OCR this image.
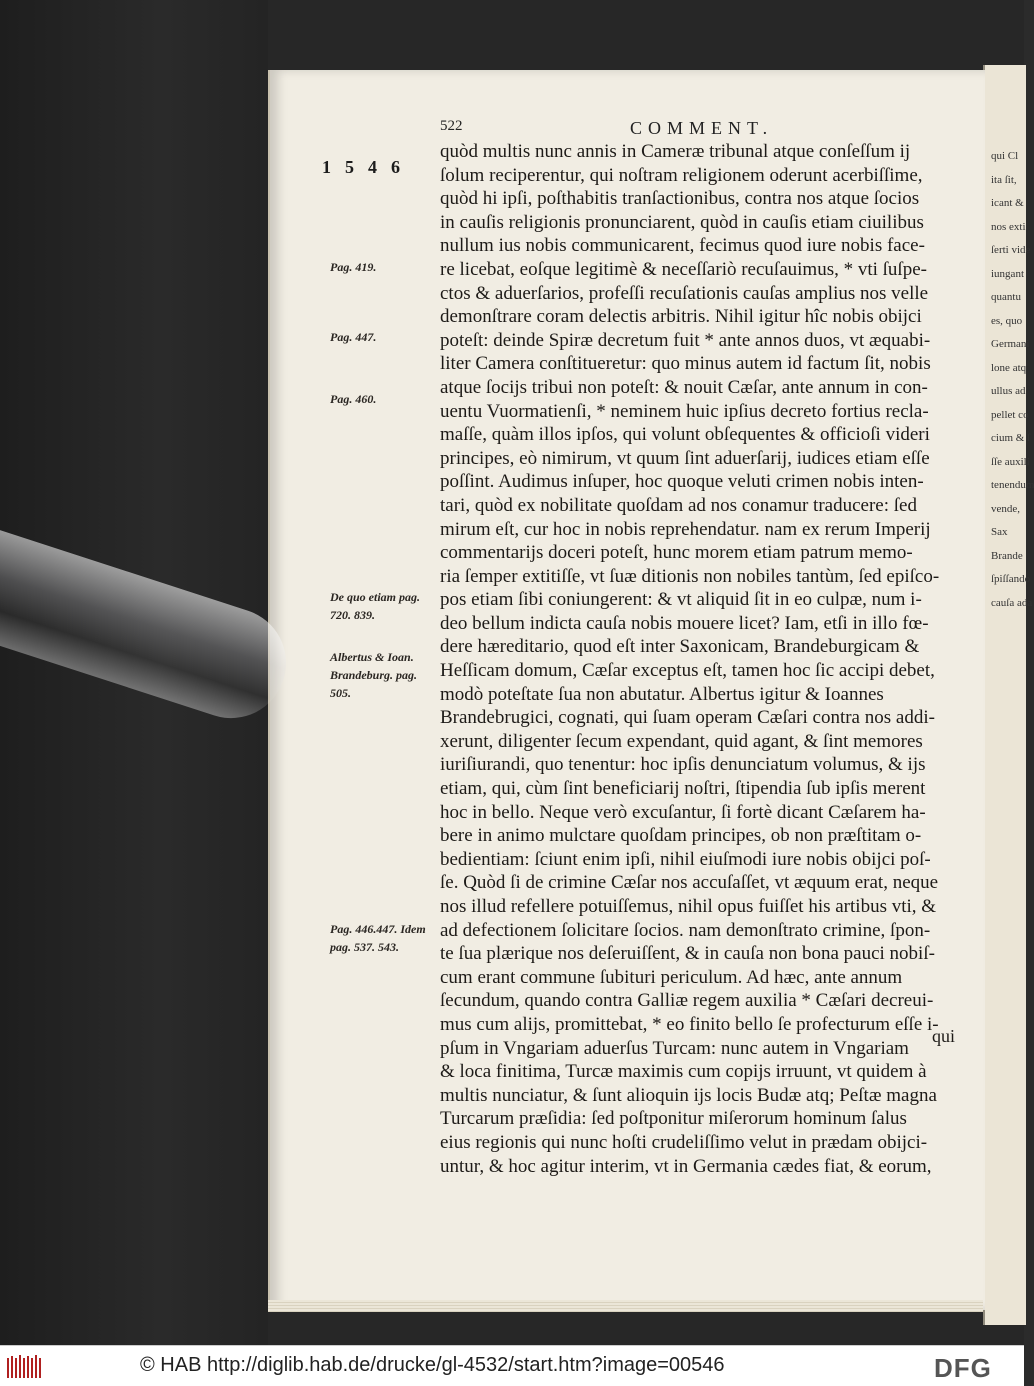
qui Cl
ita ſit,
icant &
nos exti
ſerti vide
iungant
quantu
es, quo
Germani
lone atq
ullus ad
pellet co
cium & ſ
ſſe auxili
tenendum
vende,
Sax
Brande
ſpiſſando
cauſa ada
522	COMMENT.
1546
quòd multis nunc annis in Cameræ tribunal atque conſeſſum ij
ſolum reciperentur, qui noſtram religionem oderunt acerbiſſime,
quòd hi ipſi, poſthabitis tranſactionibus, contra nos atque ſocios
in cauſis religionis pronunciarent, quòd in cauſis etiam ciuilibus
nullum ius nobis communicarent, fecimus quod iure nobis face-
re licebat, eoſque legitimè & neceſſariò recuſauimus, * vti ſuſpe-
ctos & aduerſarios, profeſſi recuſationis cauſas amplius nos velle
demonſtrare coram delectis arbitris. Nihil igitur hîc nobis obijci
poteſt: deinde Spiræ decretum fuit * ante annos duos, vt æquabi-
liter Camera conſtitueretur: quo minus autem id factum ſit, nobis
atque ſocijs tribui non poteſt: & nouit Cæſar, ante annum in con-
uentu Vuormatienſi, * neminem huic ipſius decreto fortius recla-
maſſe, quàm illos ipſos, qui volunt obſequentes & officioſi videri
principes, eò nimirum, vt quum ſint aduerſarij, iudices etiam eſſe
poſſint. Audimus inſuper, hoc quoque veluti crimen nobis inten-
tari, quòd ex nobilitate quoſdam ad nos conamur traducere: ſed
mirum eſt, cur hoc in nobis reprehendatur. nam ex rerum Imperij
commentarijs doceri poteſt, hunc morem etiam patrum memo-
ria ſemper extitiſſe, vt ſuæ ditionis non nobiles tantùm, ſed epiſco-
pos etiam ſibi coniungerent: & vt aliquid ſit in eo culpæ, num i-
deo bellum indicta cauſa nobis mouere licet? Iam, etſi in illo fœ-
dere hæreditario, quod eſt inter Saxonicam, Brandeburgicam &
Heſſicam domum, Cæſar exceptus eſt, tamen hoc ſic accipi debet,
modò poteſtate ſua non abutatur. Albertus igitur & Ioannes
Brandebrugici, cognati, qui ſuam operam Cæſari contra nos addi-
xerunt, diligenter ſecum expendant, quid agant, & ſint memores
iuriſiurandi, quo tenentur: hoc ipſis denunciatum volumus, & ijs
etiam, qui, cùm ſint beneficiarij noſtri, ſtipendia ſub ipſis merent
hoc in bello. Neque verò excuſantur, ſi fortè dicant Cæſarem ha-
bere in animo mulctare quoſdam principes, ob non præſtitam o-
bedientiam: ſciunt enim ipſi, nihil eiuſmodi iure nobis obijci poſ-
ſe. Quòd ſi de crimine Cæſar nos accuſaſſet, vt æquum erat, neque
nos illud refellere potuiſſemus, nihil opus fuiſſet his artibus vti, &
ad defectionem ſolicitare ſocios. nam demonſtrato crimine, ſpon-
te ſua plærique nos deſeruiſſent, & in cauſa non bona pauci nobiſ-
cum erant commune ſubituri periculum. Ad hæc, ante annum
ſecundum, quando contra Galliæ regem auxilia * Cæſari decreui-
mus cum alijs, promittebat, * eo finito bello ſe profecturum eſſe i-
pſum in Vngariam aduerſus Turcam: nunc autem in Vngariam
& loca finitima, Turcæ maximis cum copijs irruunt, vt quidem à
multis nunciatur, & ſunt alioquin ijs locis Budæ atq; Peſtæ magna
Turcarum præſidia: ſed poſtponitur miſerorum hominum ſalus
eius regionis qui nunc hoſti crudeliſſimo velut in prædam obijci-
untur, & hoc agitur interim, vt in Germania cædes fiat, & eorum,
Pag. 419.
Pag. 447.
Pag. 460.
De quo etiam pag. 720. 839.
Albertus & Ioan. Brandeburg. pag. 505.
Pag. 446.447. Idem pag. 537. 543.
qui
© HAB http://diglib.hab.de/drucke/gl-4532/start.htm?image=00546	DFG
